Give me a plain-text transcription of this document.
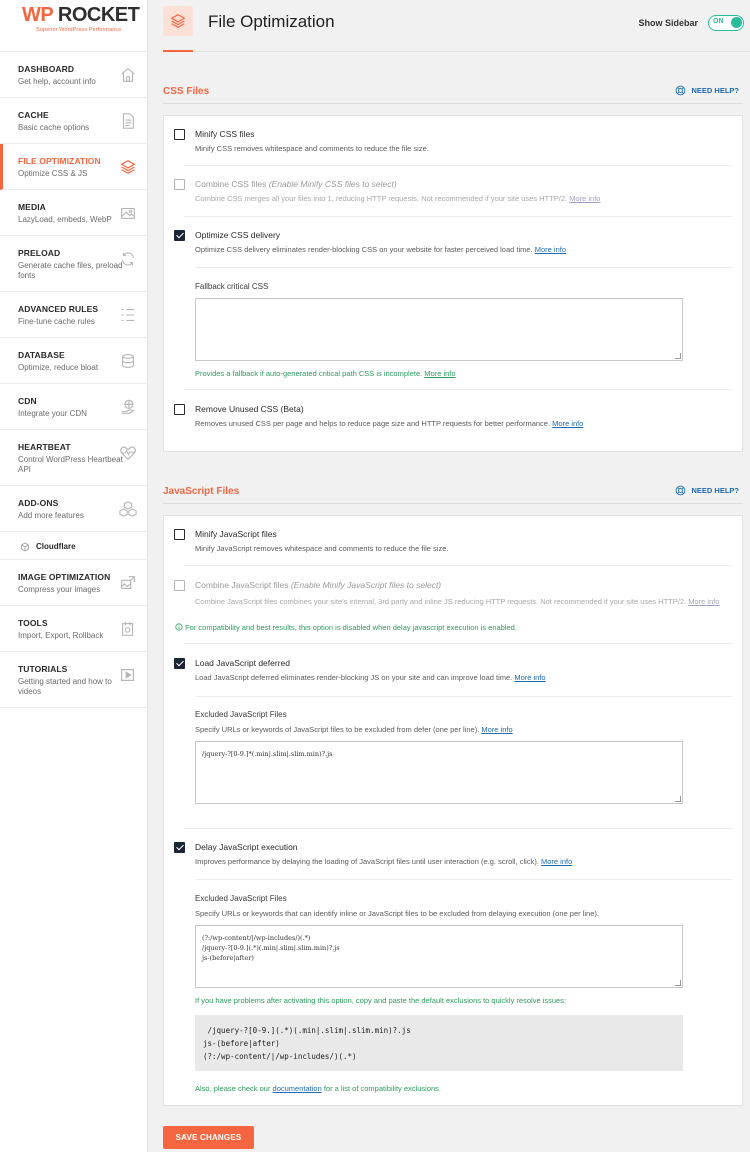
WP ROCKET
Superior WordPress Performance
DASHBOARD
Get help, account info
CACHE
Basic cache options
FILE OPTIMIZATION
Optimize CSS & JS
MEDIA
LazyLoad, embeds, WebP
PRELOAD
Generate cache files, preload fonts
ADVANCED RULES
Fine-tune cache rules
DATABASE
Optimize, reduce bloat
CDN
Integrate your CDN
HEARTBEAT
Control WordPress Heartbeat API
ADD-ONS
Add more features
Cloudflare
IMAGE OPTIMIZATION
Compress your images
TOOLS
Import, Export, Rollback
TUTORIALS
Getting started and how to videos
File Optimization	Show Sidebar ON
CSS Files	NEED HELP?
Minify CSS files
Minify CSS removes whitespace and comments to reduce the file size.
Combine CSS files (Enable Minify CSS files to select)
Combine CSS merges all your files into 1, reducing HTTP requests. Not recommended if your site uses HTTP/2. More info
Optimize CSS delivery
Optimize CSS delivery eliminates render-blocking CSS on your website for faster perceived load time. More info
Fallback critical CSS
Provides a fallback if auto-generated critical path CSS is incomplete. More info
Remove Unused CSS (Beta)
Removes unused CSS per page and helps to reduce page size and HTTP requests for better performance. More info
JavaScript Files	NEED HELP?
Minify JavaScript files
Minify JavaScript removes whitespace and comments to reduce the file size.
Combine JavaScript files (Enable Minify JavaScript files to select)
Combine JavaScript files combines your site's internal, 3rd party and inline JS reducing HTTP requests. Not recommended if your site uses HTTP/2. More info
For compatibility and best results, this option is disabled when delay javascript execution is enabled.
Load JavaScript deferred
Load JavaScript deferred eliminates render-blocking JS on your site and can improve load time. More info
Excluded JavaScript Files
Specify URLs or keywords of JavaScript files to be excluded from defer (one per line). More info
/jquery-?[0-9.]*(.min|.slim|.slim.min)?.js
Delay JavaScript execution
Improves performance by delaying the loading of JavaScript files until user interaction (e.g. scroll, click). More info
Excluded JavaScript Files
Specify URLs or keywords that can identify inline or JavaScript files to be excluded from delaying execution (one per line).
(?:/wp-content/|/wp-includes/)(.*)
/jquery-?[0-9.](.*)(.min|.slim|.slim.min)?.js
js-(before|after)
If you have problems after activating this option, copy and paste the default exclusions to quickly resolve issues:
/jquery-?[0-9.](.*)(.min|.slim|.slim.min)?.js
js-(before|after)
(?:/wp-content/|/wp-includes/)(.*)
Also, please check our documentation for a list of compatibility exclusions.
SAVE CHANGES
